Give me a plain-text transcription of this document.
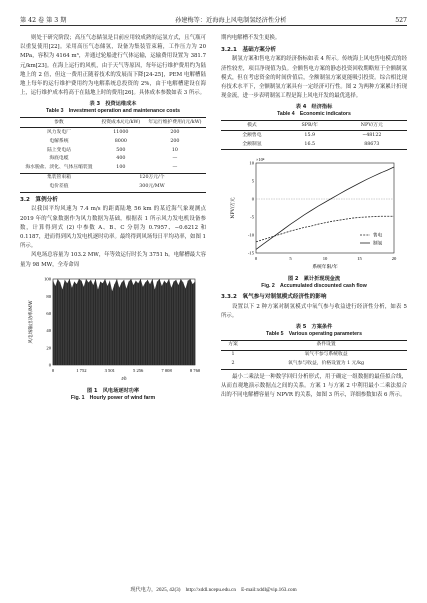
第 42 卷 第 3 期	孙建梅等：近海海上风电制氢经济性分析	527

则处于研究阶段；高压气态储氢是目前应用较成熟的运氢方式，且气瓶可以重复使用[22]。采用高压气态储氢，设备为集装管束箱，工作压力为 20 MPa，容积为 4164 m³，并通过轮船进行气体运输，运输费用设置为 381.7 元/km[23]。在海上运行的风机，由于天气等原因，每年运行维护费用约为陆地上的 2 倍，但这一费用正随着技术的发展而下降[24-25]，PEM 电解槽陆地上每年的运行维护费用约为电解系统总投资的 2%，由于电解槽建设在海上，运行维护成本将高于在陆地上时的费用[26]。具体成本参数如表 3 所示。

表 3　投资运维成本
Table 3　Investment operation and maintenance costs
参数	投资成本/(元/kW)	年运行维护费用/(元/kW)
风力发电厂	11000	200
电解系统	8000	200
陆上变电站	500	10
海底电缆	400	—
海水脱盐、淡化、气体压缩装置	100	—
集装管束箱	120万元/个	
电价差值	300元/MW	
3.2　算例分析

以我国平均风速为 7.4 m/s 的距离陆地 56 km 的某近海气象观测点 2019 年的气象数据作为风力数据为基础，根据表 1 所示风力发电机设备参数，计算得到式 (2) 中参数 A、B、C 分别为 0.7957、−0.6212 和 0.1187，进而得到风力发电机逐时功率。最终得到风场每日平均功率，如图 1 所示。

风电场总容量为 103.2 MW，年等效运行时长为 3751 h。电解槽最大容量为 98 MW，全寿命周

0	1 752	3 501	5 256	7 008	8 760
0
20
40
60
80
100
t/h
风电场输出功率/MW
图 1　风电场逐时功率
Fig. 1　Hourly power of wind farm

期内电解槽不发生更换。

3.2.1　基础方案分析

制氢方案和售电方案的经济指标如表 4 所示。传统海上风电售电模式的经济性较差，项目净现值为负。全额售电方案的静态投资回收期略短于全额制氢模式，但在考虑资金的时间价值后，全额制氢方案更能吸引投资。综合相比现有技术水平下，全额制氢方案具有一定经济可行性。图 2 为两种方案累计折现现金流，进一步表明制氢工程是海上风电开发的最优选择。

表 4　经济指标
Table 4　Economic indicators
模式	SPB/年	NPV/万元
全额售电	15.9	−48122
全额制氢	16.5	88673
0	5	10	15	20
-15
-10
-5
0
5
10
×10⁴
系统年限/年
NPV/万元
售电
制氢
图 2　累计折现现金流
Fig. 2　Accumulated discounted cash flow
3.3.2　氧气参与对制氢模式经济性的影响

设置以下 2 种方案对制氢模式中氧气参与收益进行经济性分析，如表 5 所示。

表 5　方案条件
Table 5　Various operating parameters
方案	条件设置
1	氧气不参与系统收益
2	氧气参与收益，价格设置为 1 元/kg

最小二乘法是一种数学回归分析形式，用于确定一组数据的最佳拟合线，从而直观地演示数据点之间的关系。方案 1 与方案 2 中利用最小二乘法拟合出的不同电解槽容量与 NPVR 的关系，如图 3 所示，详细参数如表 6 所示。

现代电力，2025, 42(3)　http://xddl.ncepu.edu.cn　E-mail:xddl@vip.163.com
